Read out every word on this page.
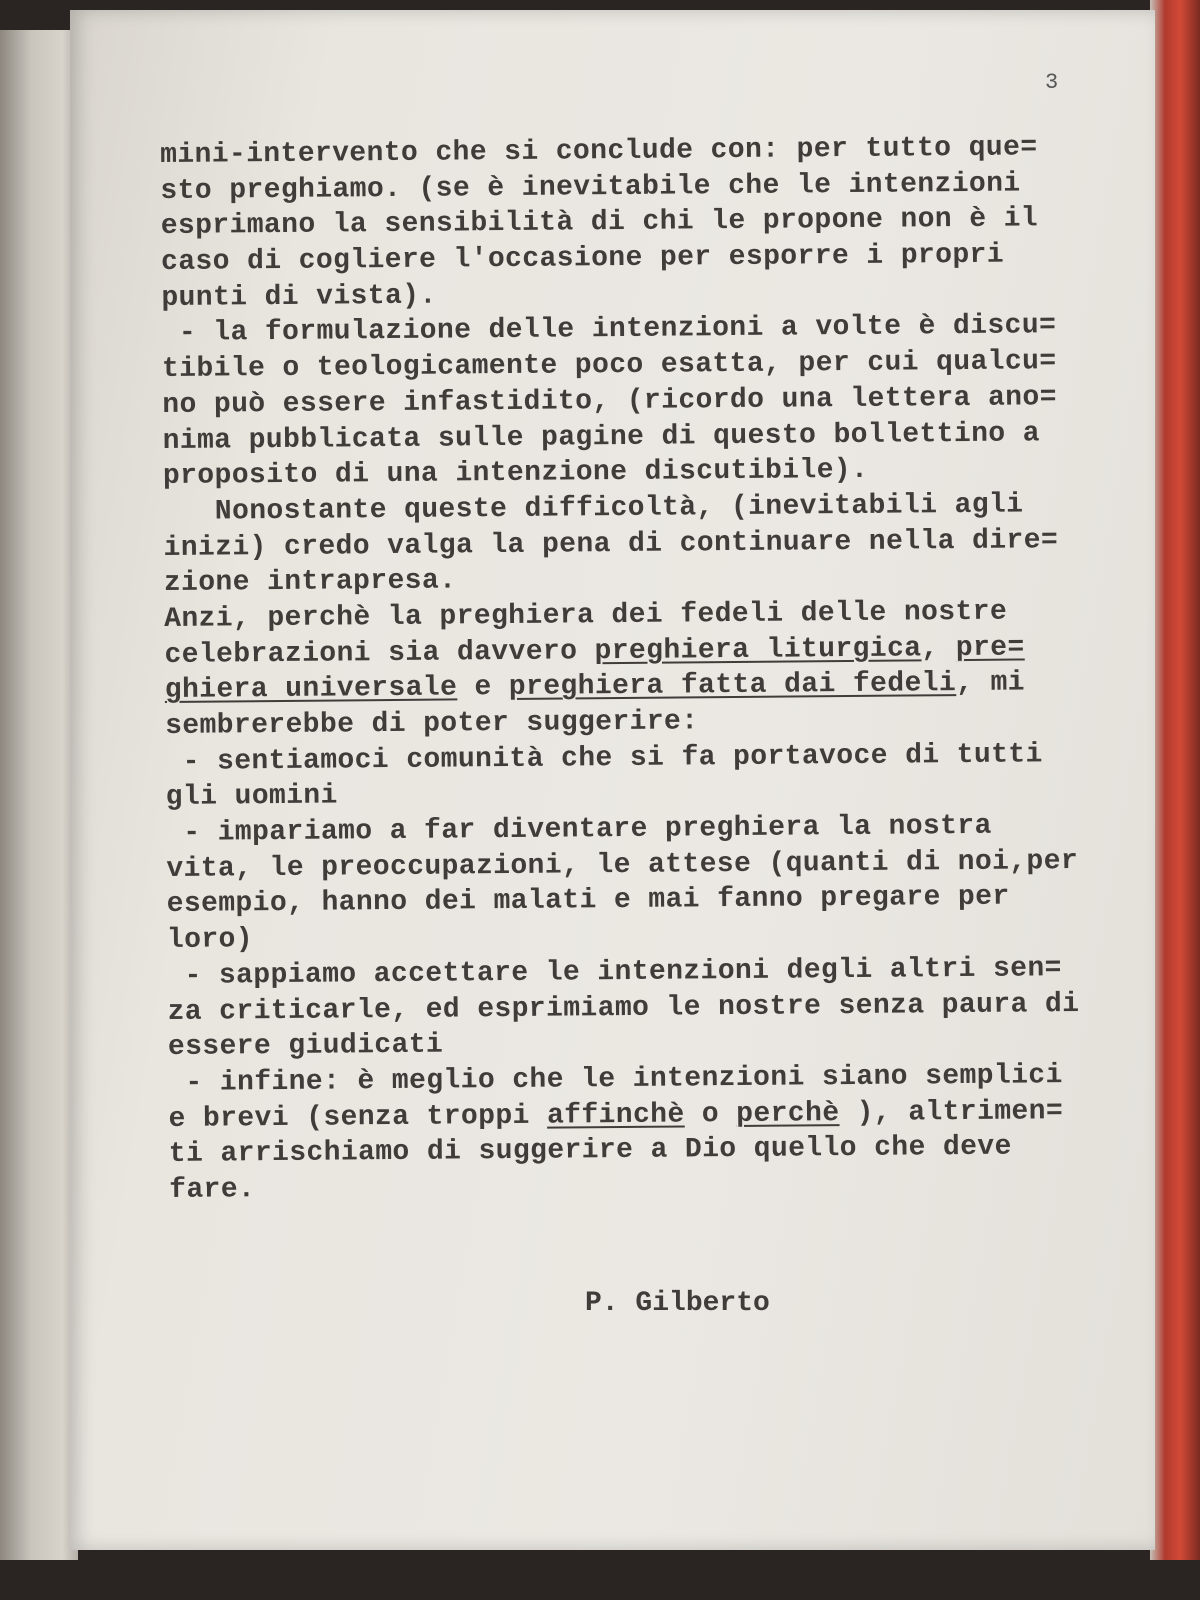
3
mini-intervento che si conclude con: per tutto que=
sto preghiamo. (se è inevitabile che le intenzioni
esprimano la sensibilità di chi le propone non è il
caso di cogliere l'occasione per esporre i propri
punti di vista).
- la formulazione delle intenzioni a volte è discu=
tibile o teologicamente poco esatta, per cui qualcu=
no può essere infastidito, (ricordo una lettera ano=
nima pubblicata sulle pagine di questo bollettino a
proposito di una intenzione discutibile).
Nonostante queste difficoltà, (inevitabili agli
inizi) credo valga la pena di continuare nella dire=
zione intrapresa.
Anzi, perchè la preghiera dei fedeli delle nostre
celebrazioni sia davvero preghiera liturgica, pre=
ghiera universale e preghiera fatta dai fedeli, mi
sembrerebbe di poter suggerire:
- sentiamoci comunità che si fa portavoce di tutti
gli uomini
- impariamo a far diventare preghiera la nostra
vita, le preoccupazioni, le attese (quanti di noi,per
esempio, hanno dei malati e mai fanno pregare per
loro)
- sappiamo accettare le intenzioni degli altri sen=
za criticarle, ed esprimiamo le nostre senza paura di
essere giudicati
- infine: è meglio che le intenzioni siano semplici
e brevi (senza troppi affinchè o perchè ), altrimen=
ti arrischiamo di suggerire a Dio quello che deve
fare.
P. Gilberto
